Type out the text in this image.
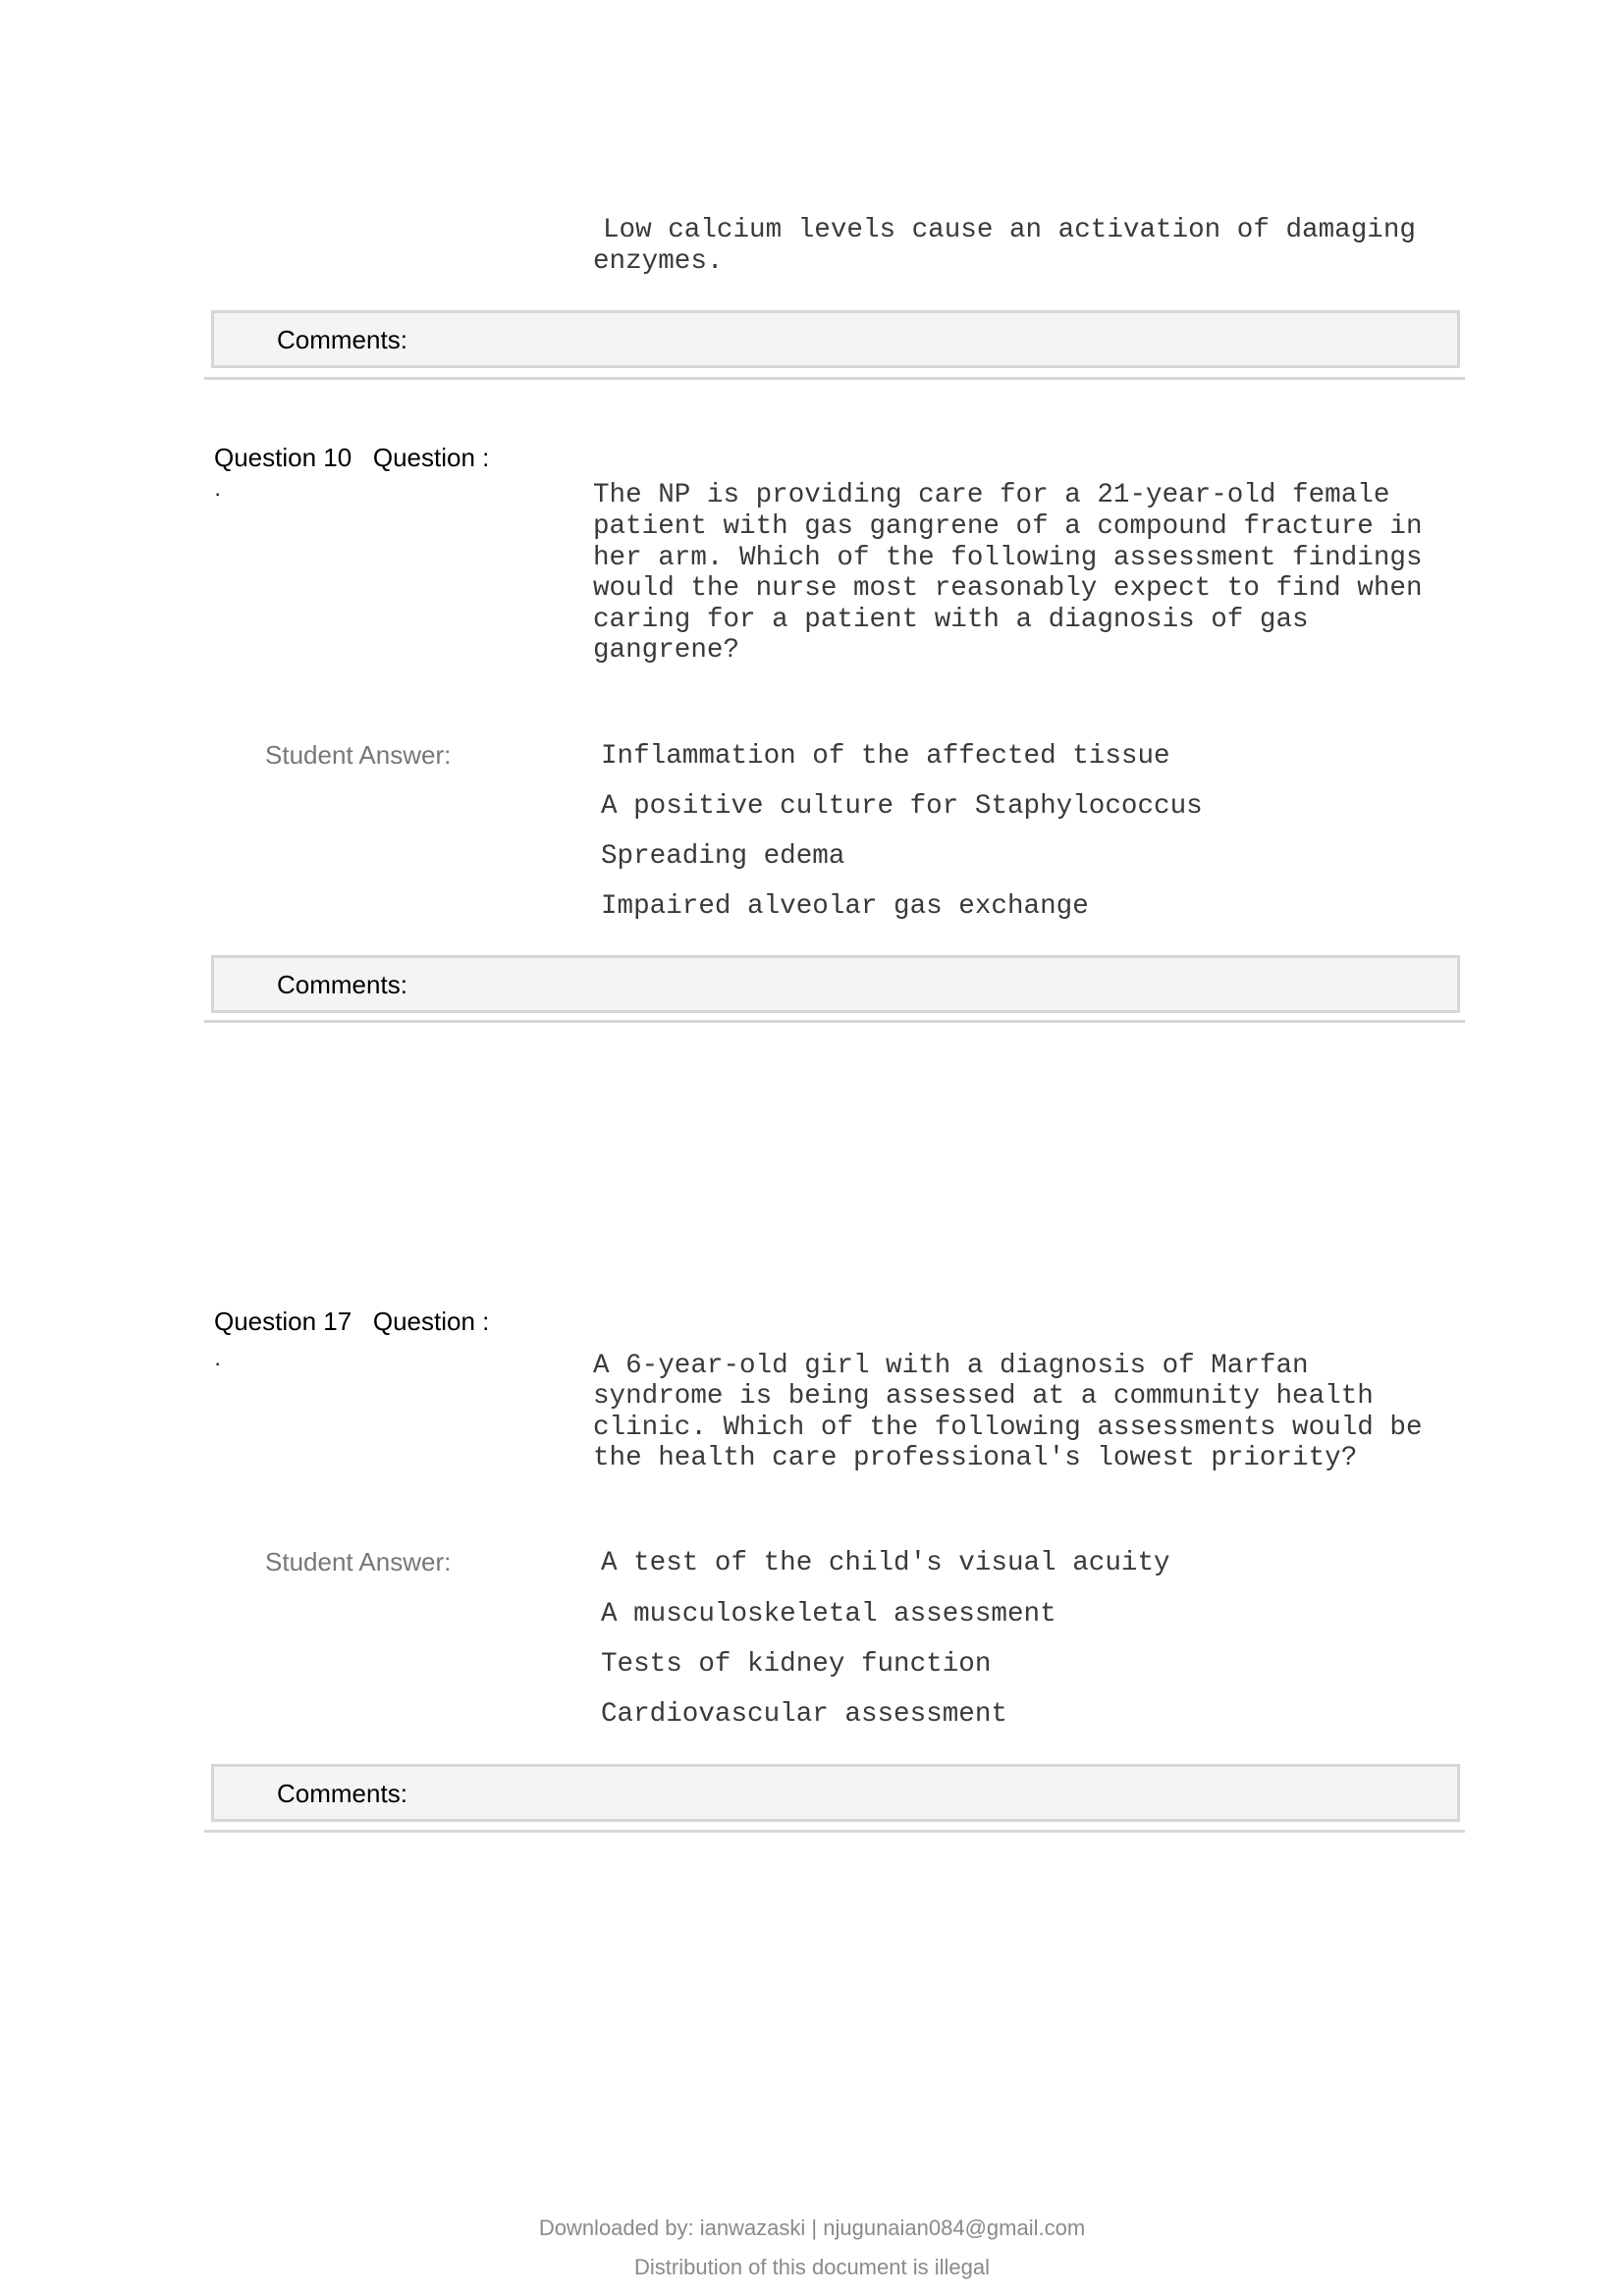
Low calcium levels cause an activation of damaging
enzymes.
Comments:
Question 10   Question :
·	The NP is providing care for a 21-year-old female
patient with gas gangrene of a compound fracture in
her arm. Which of the following assessment findings
would the nurse most reasonably expect to find when
caring for a patient with a diagnosis of gas
gangrene?
Student Answer:	Inflammation of the affected tissue
A positive culture for Staphylococcus
Spreading edema
Impaired alveolar gas exchange
Comments:
Question 17   Question :
·	A 6-year-old girl with a diagnosis of Marfan
syndrome is being assessed at a community health
clinic. Which of the following assessments would be
the health care professional's lowest priority?
Student Answer:	A test of the child's visual acuity
A musculoskeletal assessment
Tests of kidney function
Cardiovascular assessment
Comments:
Downloaded by: ianwazaski | njugunaian084@gmail.com
Distribution of this document is illegal
